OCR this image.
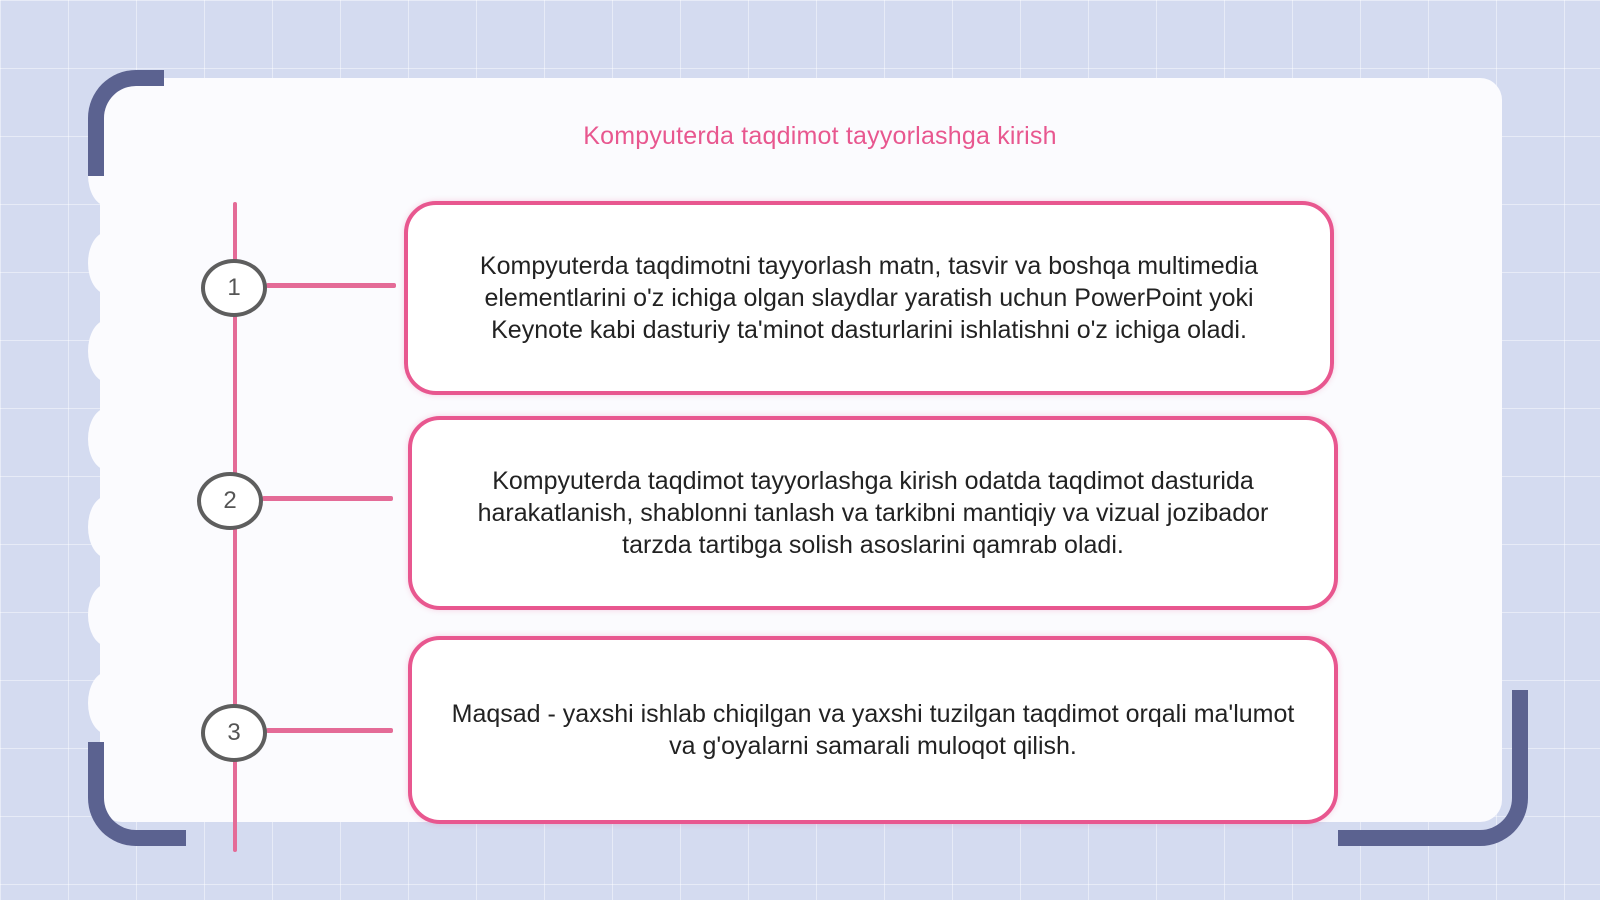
Kompyuterda taqdimot tayyorlashga kirish
1
2
3
Kompyuterda taqdimotni tayyorlash matn, tasvir va boshqa multimedia elementlarini o'z ichiga olgan slaydlar yaratish uchun PowerPoint yoki Keynote kabi dasturiy ta'minot dasturlarini ishlatishni o'z ichiga oladi.
Kompyuterda taqdimot tayyorlashga kirish odatda taqdimot dasturida harakatlanish, shablonni tanlash va tarkibni mantiqiy va vizual jozibador tarzda tartibga solish asoslarini qamrab oladi.
Maqsad - yaxshi ishlab chiqilgan va yaxshi tuzilgan taqdimot orqali ma'lumot va g'oyalarni samarali muloqot qilish.
